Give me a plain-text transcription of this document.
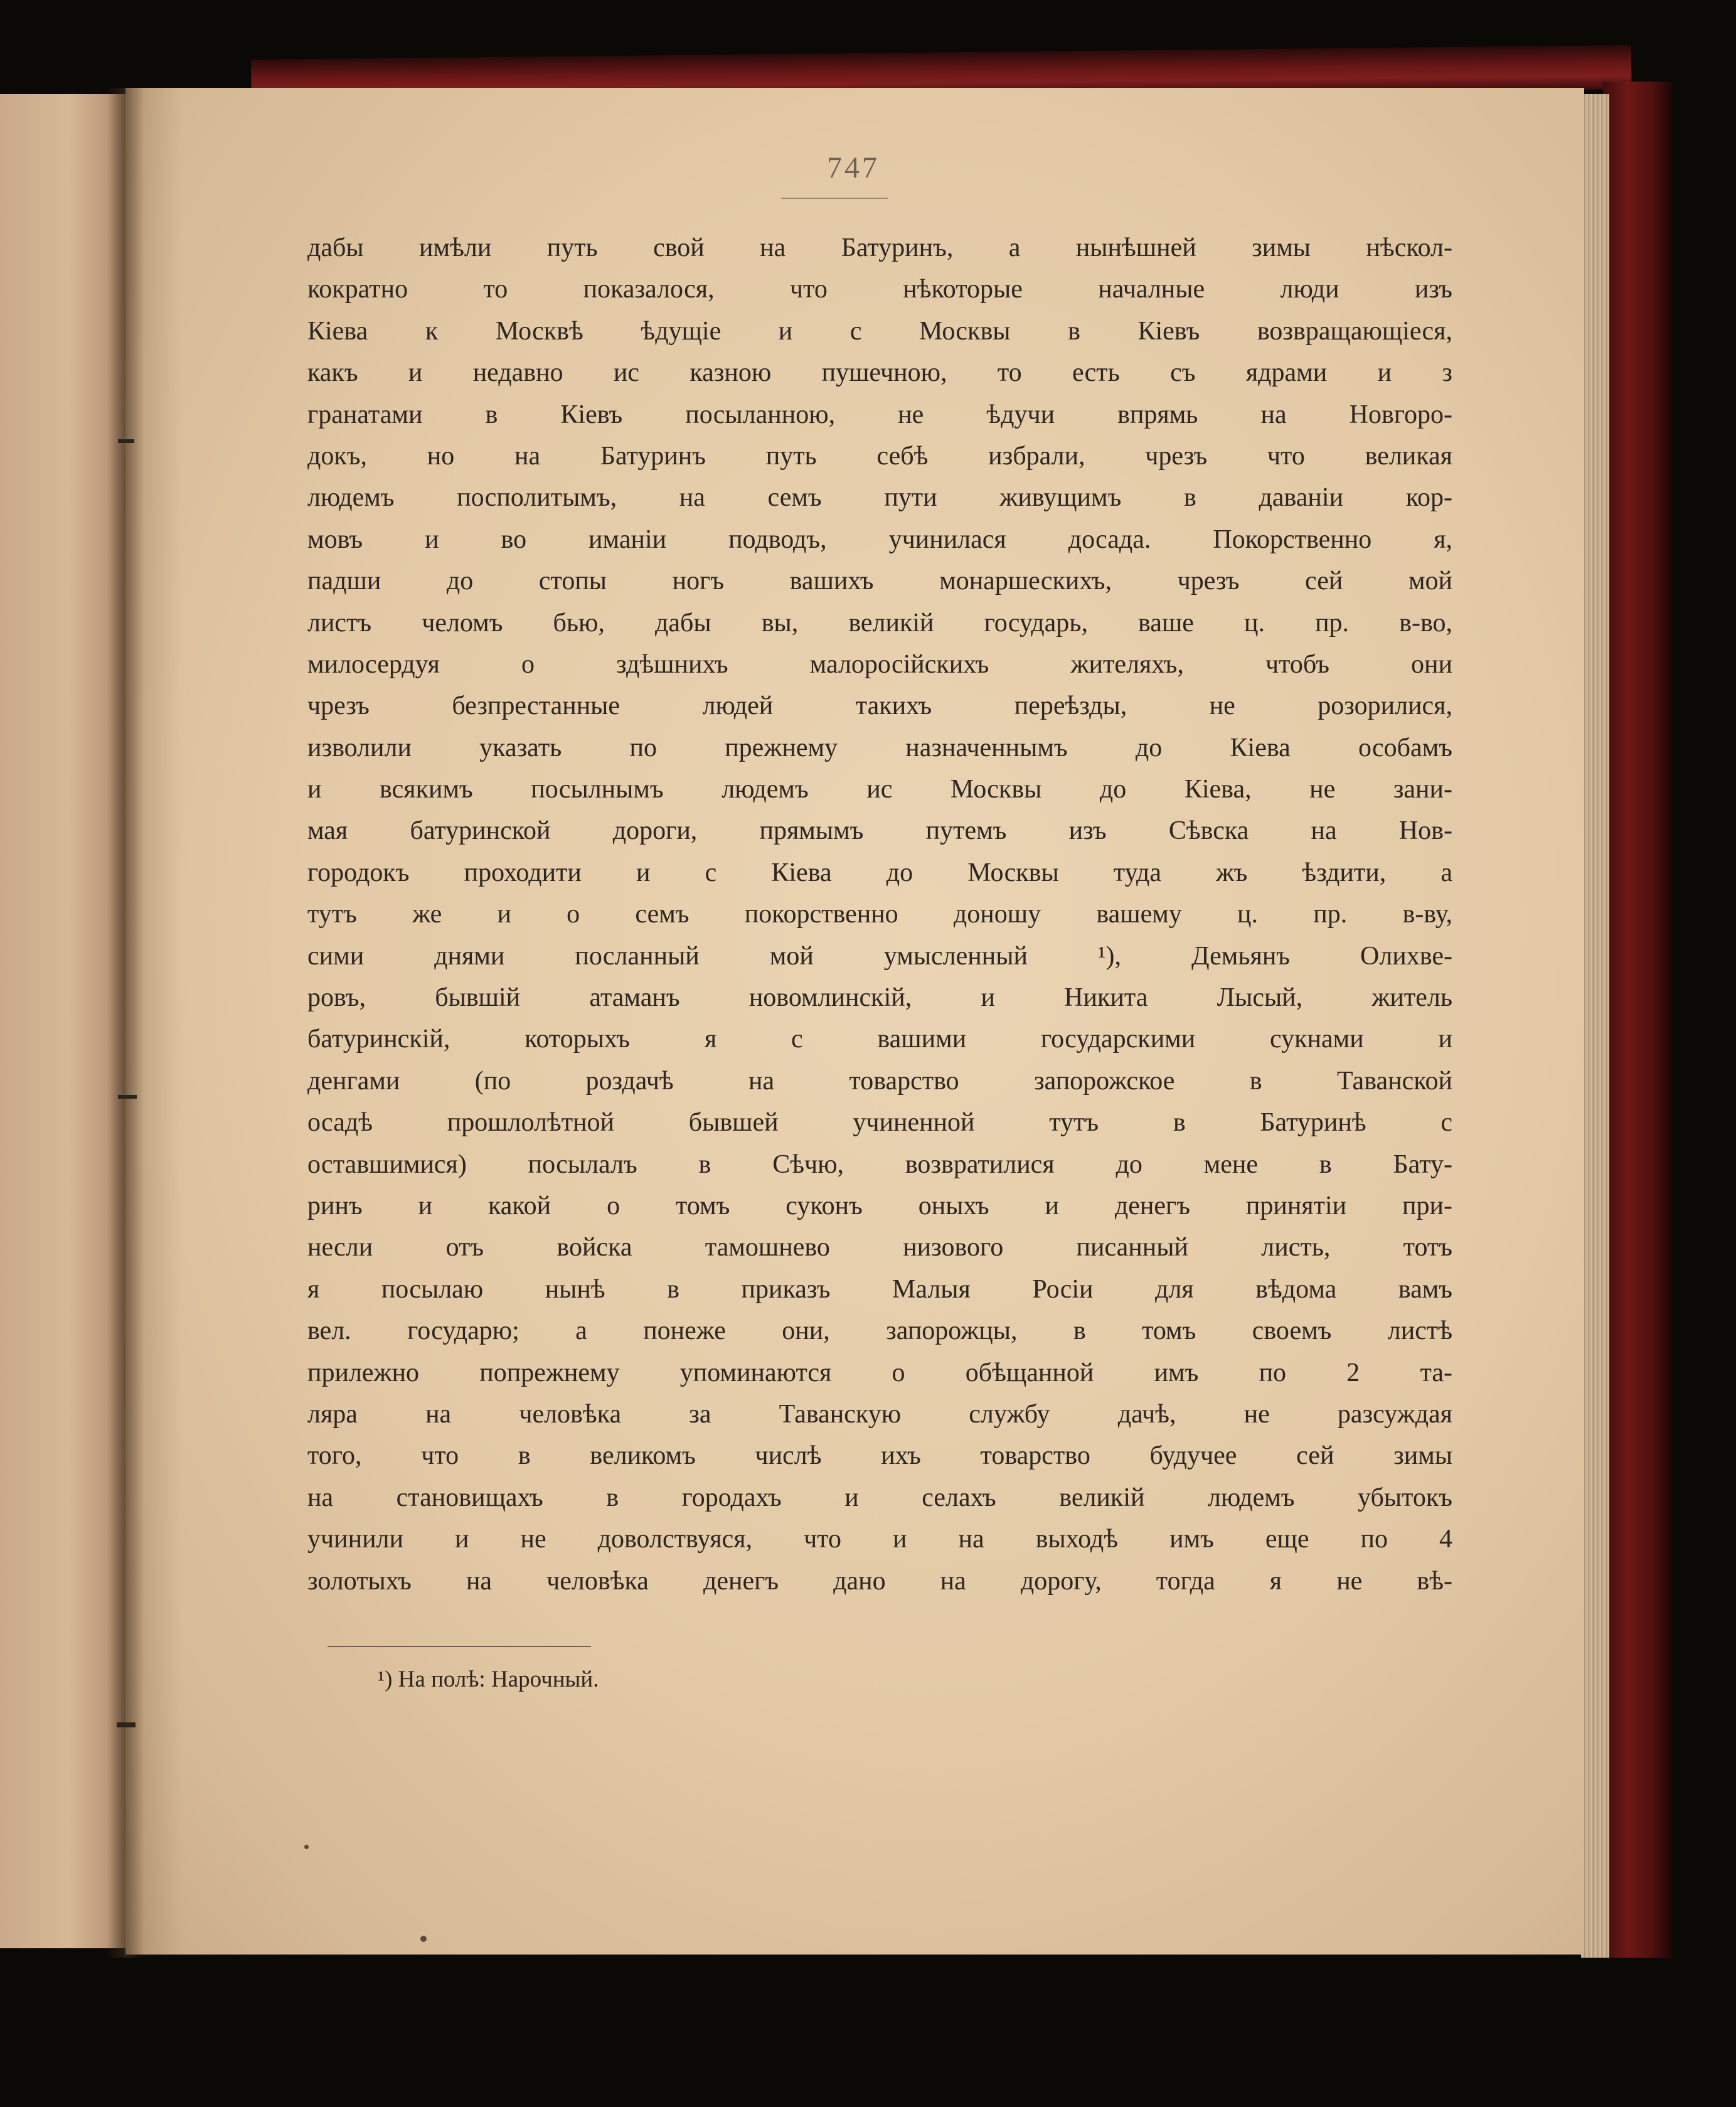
747
дабы имѣли путь свой на Батуринъ, а нынѣшней зимы нѣскол-
кократно то показалося, что нѣкоторые началные люди изъ
Кіева к Москвѣ ѣдущіе и с Москвы в Кіевъ возвращающіеся,
какъ и недавно ис казною пушечною, то есть съ ядрами и з
гранатами в Кіевъ посыланною, не ѣдучи впрямь на Новгоро-
докъ, но на Батуринъ путь себѣ избрали, чрезъ что великая
людемъ посполитымъ, на семъ пути живущимъ в даванiи кор-
мовъ и во иманiи подводъ, учинилася досада. Покорственно я,
падши до стопы ногъ вашихъ монаршескихъ, чрезъ сей мой
листъ челомъ бью, дабы вы, великiй государь, ваше ц. пр. в-во,
милосердуя о здѣшнихъ малоросiйскихъ жителяхъ, чтобъ они
чрезъ безпрестанные людей такихъ переѣзды, не розорилися,
изволили указать по прежнему назначеннымъ до Кiева особамъ
и всякимъ посылнымъ людемъ ис Москвы до Кiева, не зани-
мая батуринской дороги, прямымъ путемъ изъ Сѣвска на Нов-
городокъ проходити и с Кiева до Москвы туда жъ ѣздити, а
тутъ же и о семъ покорственно доношу вашему ц. пр. в-ву,
сими днями посланный мой умысленный ¹), Демьянъ Олихве-
ровъ, бывшiй атаманъ новомлинскiй, и Никита Лысый, житель
батуринскiй, которыхъ я с вашими государскими сукнами и
денгами (по роздачѣ на товарство запорожское в Таванской
осадѣ прошлолѣтной бывшей учиненной тутъ в Батуринѣ с
оставшимися) посылалъ в Сѣчю, возвратилися до мене в Бату-
ринъ и какой о томъ суконъ оныхъ и денегъ принятiи при-
несли отъ войска тамошнево низового писанный листь, тотъ
я посылаю нынѣ в приказъ Малыя Росiи для вѣдома вамъ
вел. государю; а понеже они, запорожцы, в томъ своемъ листѣ
прилежно попрежнему упоминаются о обѣщанной имъ по 2 та-
ляра на человѣка за Таванскую службу дачѣ, не разсуждая
того, что в великомъ числѣ ихъ товарство будучее сей зимы
на становищахъ в городахъ и селахъ великiй людемъ убытокъ
учинили и не доволствуяся, что и на выходѣ имъ еще по 4
золотыхъ на человѣка денегъ дано на дорогу, тогда я не вѣ-
¹) На полѣ: Нарочный.
